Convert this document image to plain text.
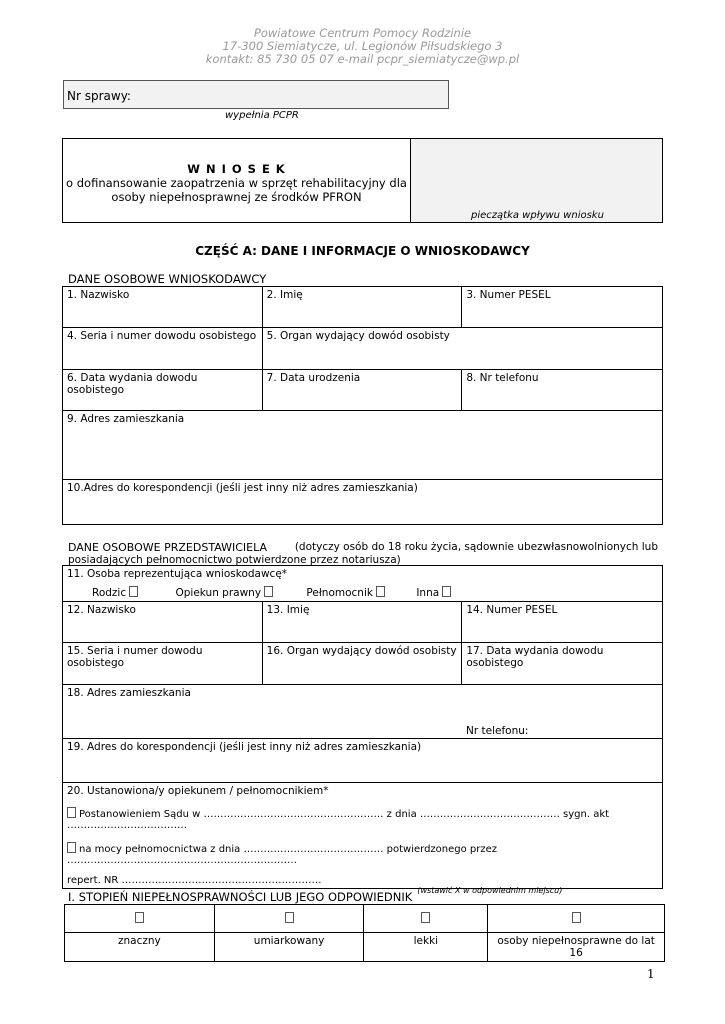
Powiatowe Centrum Pomocy Rodzinie
17-300 Siemiatycze, ul. Legionów Piłsudskiego 3
kontakt: 85 730 05 07 e-mail pcpr_siemiatycze@wp.pl
Nr sprawy:
wypełnia PCPR
W N I O S E K
o dofinansowanie zaopatrzenia w sprzęt rehabilitacyjny dla
osoby niepełnosprawnej ze środków PFRON
pieczątka wpływu wniosku
CZĘŚĆ A: DANE I INFORMACJE O WNIOSKODAWCY
DANE OSOBOWE WNIOSKODAWCY
1. Nazwisko	2. Imię	3. Numer PESEL
4. Seria i numer dowodu osobistego	5. Organ wydający dowód osobisty	
6. Data wydania dowodu osobistego	7. Data urodzenia	8. Nr telefonu
9. Adres zamieszkania		
10.Adres do korespondencji (jeśli jest inny niż adres zamieszkania)		
DANE OSOBOWE PRZEDSTAWICIELA	(dotyczy osób do 18 roku życia, sądownie ubezwłasnowolnionych lub
posiadających pełnomocnictwo potwierdzone przez notariusza)
11. Osoba reprezentująca wnioskodawcę*
Rodzic Opiekun prawny Pełnomocnik Inna		

12. Nazwisko	13. Imię	14. Numer PESEL
15. Seria i numer dowodu osobistego	16. Organ wydający dowód osobisty	17. Data wydania dowodu osobistego

18. Adres zamieszkania
Nr telefonu:		

19. Adres do korespondencji (jeśli jest inny niż adres zamieszkania)		

20. Ustanowiona/y opiekunem / pełnomocnikiem*
Postanowieniem Sądu w ……………………………………………… z dnia …………………………………… sygn. akt ………………………………
na mocy pełnomocnictwa z dnia …………………………………… potwierdzonego przez ……………………………………………………………
repert. NR ……………………………………………………		
I. STOPIEŃ NIEPEŁNOSPRAWNOŚCI LUB JEGO ODPOWIEDNIK $^{(wstawić X w odpowiednim miejscu)}$

znaczny	umiarkowany	lekki	osoby niepełnosprawne do lat 16
1
